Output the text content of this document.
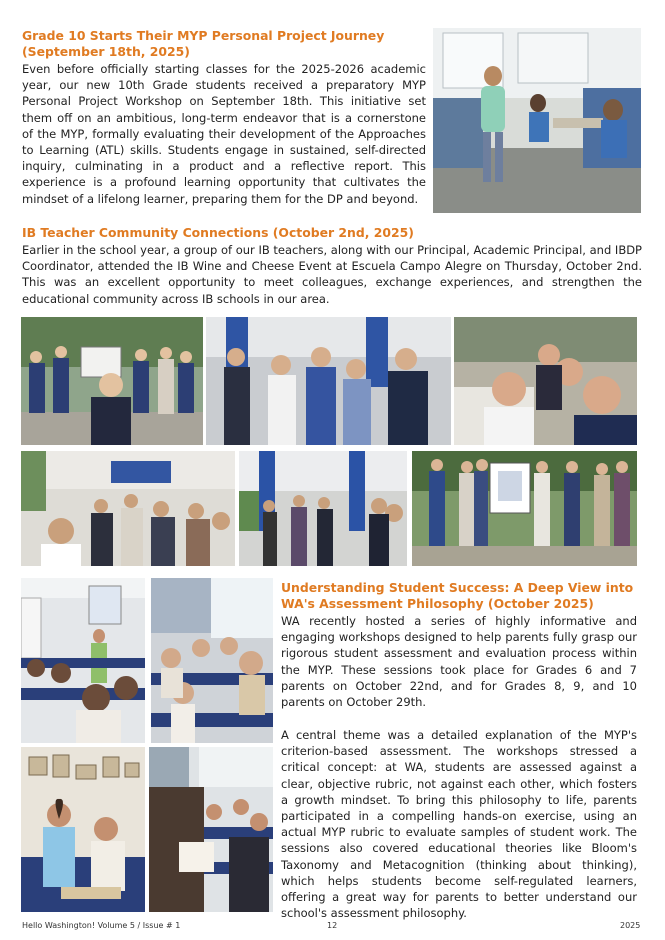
Grade 10 Starts Their MYP Personal Project Journey (September 18th, 2025)
Even before officially starting classes for the 2025-2026 academic year, our new 10th Grade students received a preparatory MYP Personal Project Workshop on September 18th. This initiative set them off on an ambitious, long-term endeavor that is a cornerstone of the MYP, formally evaluating their development of the Approaches to Learning (ATL) skills. Students engage in sustained, self-directed inquiry, culminating in a product and a reflective report. This experience is a profound learning opportunity that cultivates the mindset of a lifelong learner, preparing them for the DP and beyond.
IB Teacher Community Connections (October 2nd, 2025)
Earlier in the school year, a group of our IB teachers, along with our Principal, Academic Principal, and IBDP Coordinator, attended the IB Wine and Cheese Event at Escuela Campo Alegre on Thursday, October 2nd. This was an excellent opportunity to meet colleagues, exchange experiences, and strengthen the educational community across IB schools in our area.
Understanding Student Success: A Deep View into WA's Assessment Philosophy (October 2025)
WA recently hosted a series of highly informative and engaging workshops designed to help parents fully grasp our rigorous student assessment and evaluation process within the MYP. These sessions took place for Grades 6 and 7 parents on October 22nd, and for Grades 8, 9, and 10 parents on October 29th.
A central theme was a detailed explanation of the MYP's criterion-based assessment. The workshops stressed a critical concept: at WA, students are assessed against a clear, objective rubric, not against each other, which fosters a growth mindset. To bring this philosophy to life, parents participated in a compelling hands-on exercise, using an actual MYP rubric to evaluate samples of student work. The sessions also covered educational theories like Bloom's Taxonomy and Metacognition (thinking about thinking), which helps students become self-regulated learners, offering a great way for parents to better understand our school's assessment philosophy.
Hello Washington! Volume 5 / Issue # 1	12	2025
